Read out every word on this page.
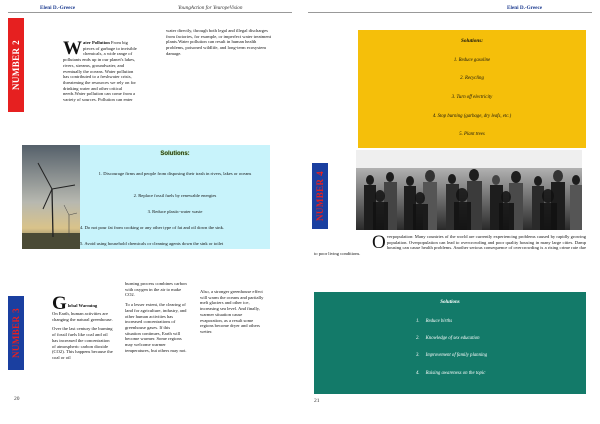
Eleni D.-Greece	YoungAction for YeuropeVision
NUMBER 2 Water Pollution From big pieces of garbage to invisible chemicals, a wide range of pollutants ends up in our planet's lakes, rivers, streams, groundwater, and eventually the oceans. Water pollution has contributed to a freshwater crisis, threatening the resources we rely on for drinking water and other critical needs.Water pollution can come from a variety of sources. Pollution can enter
water directly, through both legal and illegal discharges from factories, for example, or imperfect water treatment plants.Water pollution can result in human health problems, poisoned wildlife, and long-term ecosystem damage.
Solutions:
1. Discourage firms and people from disposing their trash in rivers, lakes or oceans
2. Replace fossil fuels by renewable energies
3. Reduce plastic-water waste
4. Do not pour fat from cooking or any other type of fat and oil down the sink.
5. Avoid using household chemicals or cleaning agents down the sink or toilet
NUMBER 3
G lobal Warming
On Earth, human activities are changing the natural greenhouse.
Over the last century the burning of fossil fuels like coal and oil has increased the concentration of atmospheric carbon dioxide (CO2). This happens because the coal or oil
burning process combines carbon with oxygen in the air to make CO2.
To a lesser extent, the clearing of land for agriculture, industry, and other human activities has increased concentrations of greenhouse gases. If this situation continues, Earth will become warmer. Some regions may welcome warmer temperatures, but others may not.
Also, a stronger greenhouse effect will warm the oceans and partially melt glaciers and other ice, increasing sea level. And finally, warmer situation cause evaporation, as a result some regions become dryer and others wetter.
20
Eleni D.-Greece
Solutions:
1. Reduce gasoline
2. Recycling
3. Turn off electricity
4. Stop burning (garbage, dry leafs, etc.)
5. Plant trees
NUMBER 4
Overpopulation: Many countries of the world are currently experiencing problems caused by rapidly growing population. Overpopulation can lead to overcrowding and poor quality housing in many large cities. Damp housing can cause health problems. Another serious consequence of overcrowding is a rising crime rate due to poor living conditions.
Solutions
1.     Reduce births
2.     Knowledge of sex education
3.     Improvement of family planning
4.     Raising awareness on the topic
21
